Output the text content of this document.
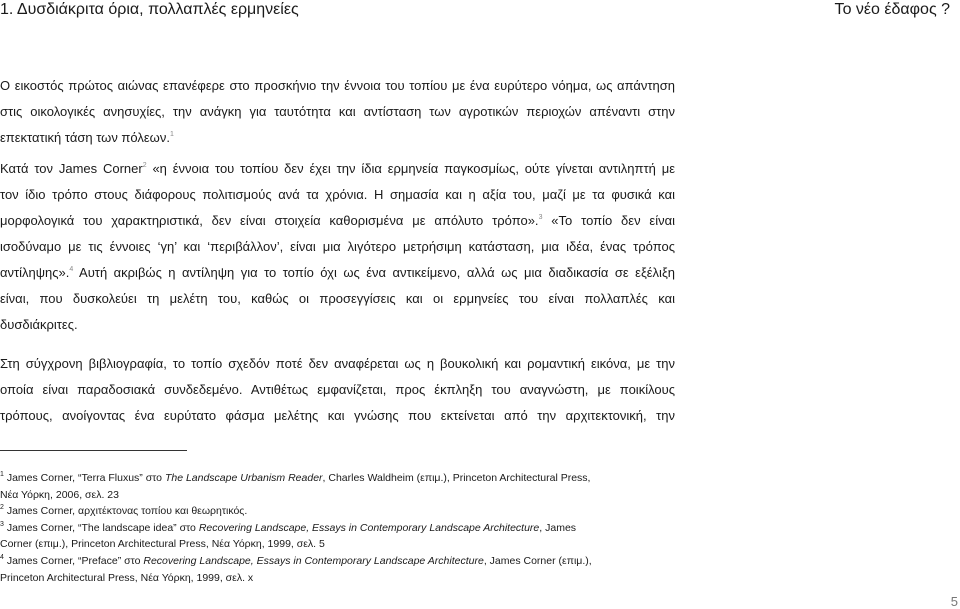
1. Δυσδιάκριτα όρια, πολλαπλές ερμηνείες	Το νέο έδαφος ?
Ο εικοστός πρώτος αιώνας επανέφερε στο προσκήνιο την έννοια του τοπίου με ένα ευρύτερο νόημα, ως απάντηση
στις οικολογικές ανησυχίες, την ανάγκη για ταυτότητα και αντίσταση των αγροτικών περιοχών απέναντι στην
επεκτατική τάση των πόλεων.$^1$
Κατά τον James Corner$^2$ «η έννοια του τοπίου δεν έχει την ίδια ερμηνεία παγκοσμίως, ούτε γίνεται αντιληπτή με
τον ίδιο τρόπο στους διάφορους πολιτισμούς ανά τα χρόνια. Η σημασία και η αξία του, μαζί με τα φυσικά και
μορφολογικά του χαρακτηριστικά, δεν είναι στοιχεία καθορισμένα με απόλυτο τρόπο».$^3$ «Το τοπίο δεν είναι
ισοδύναμο με τις έννοιες ‘γη’ και ‘περιβάλλον’, είναι μια λιγότερο μετρήσιμη κατάσταση, μια ιδέα, ένας τρόπος
αντίληψης».$^4$ Αυτή ακριβώς η αντίληψη για το τοπίο όχι ως ένα αντικείμενο, αλλά ως μια διαδικασία σε εξέλιξη
είναι, που δυσκολεύει τη μελέτη του, καθώς οι προσεγγίσεις και οι ερμηνείες του είναι πολλαπλές και
δυσδιάκριτες.
Στη σύγχρονη βιβλιογραφία, το τοπίο σχεδόν ποτέ δεν αναφέρεται ως η βουκολική και ρομαντική εικόνα, με την
οποία είναι παραδοσιακά συνδεδεμένο. Αντιθέτως εμφανίζεται, προς έκπληξη του αναγνώστη, με ποικίλους
τρόπους, ανοίγοντας ένα ευρύτατο φάσμα μελέτης και γνώσης που εκτείνεται από την αρχιτεκτονική, την

$^1$ James Corner, “Terra Fluxus” στο The Landscape Urbanism Reader, Charles Waldheim (επιμ.), Princeton Architectural Press,
Νέα Υόρκη, 2006, σελ. 23

$^2$ James Corner, αρχιτέκτονας τοπίου και θεωρητικός.

$^3$ James Corner, “The landscape idea” στο Recovering Landscape, Essays in Contemporary Landscape Architecture, James
Corner (επιμ.), Princeton Architectural Press, Νέα Υόρκη, 1999, σελ. 5

$^4$ James Corner, “Preface” στο Recovering Landscape, Essays in Contemporary Landscape Architecture, James Corner (επιμ.),
Princeton Architectural Press, Νέα Υόρκη, 1999, σελ. x

5
